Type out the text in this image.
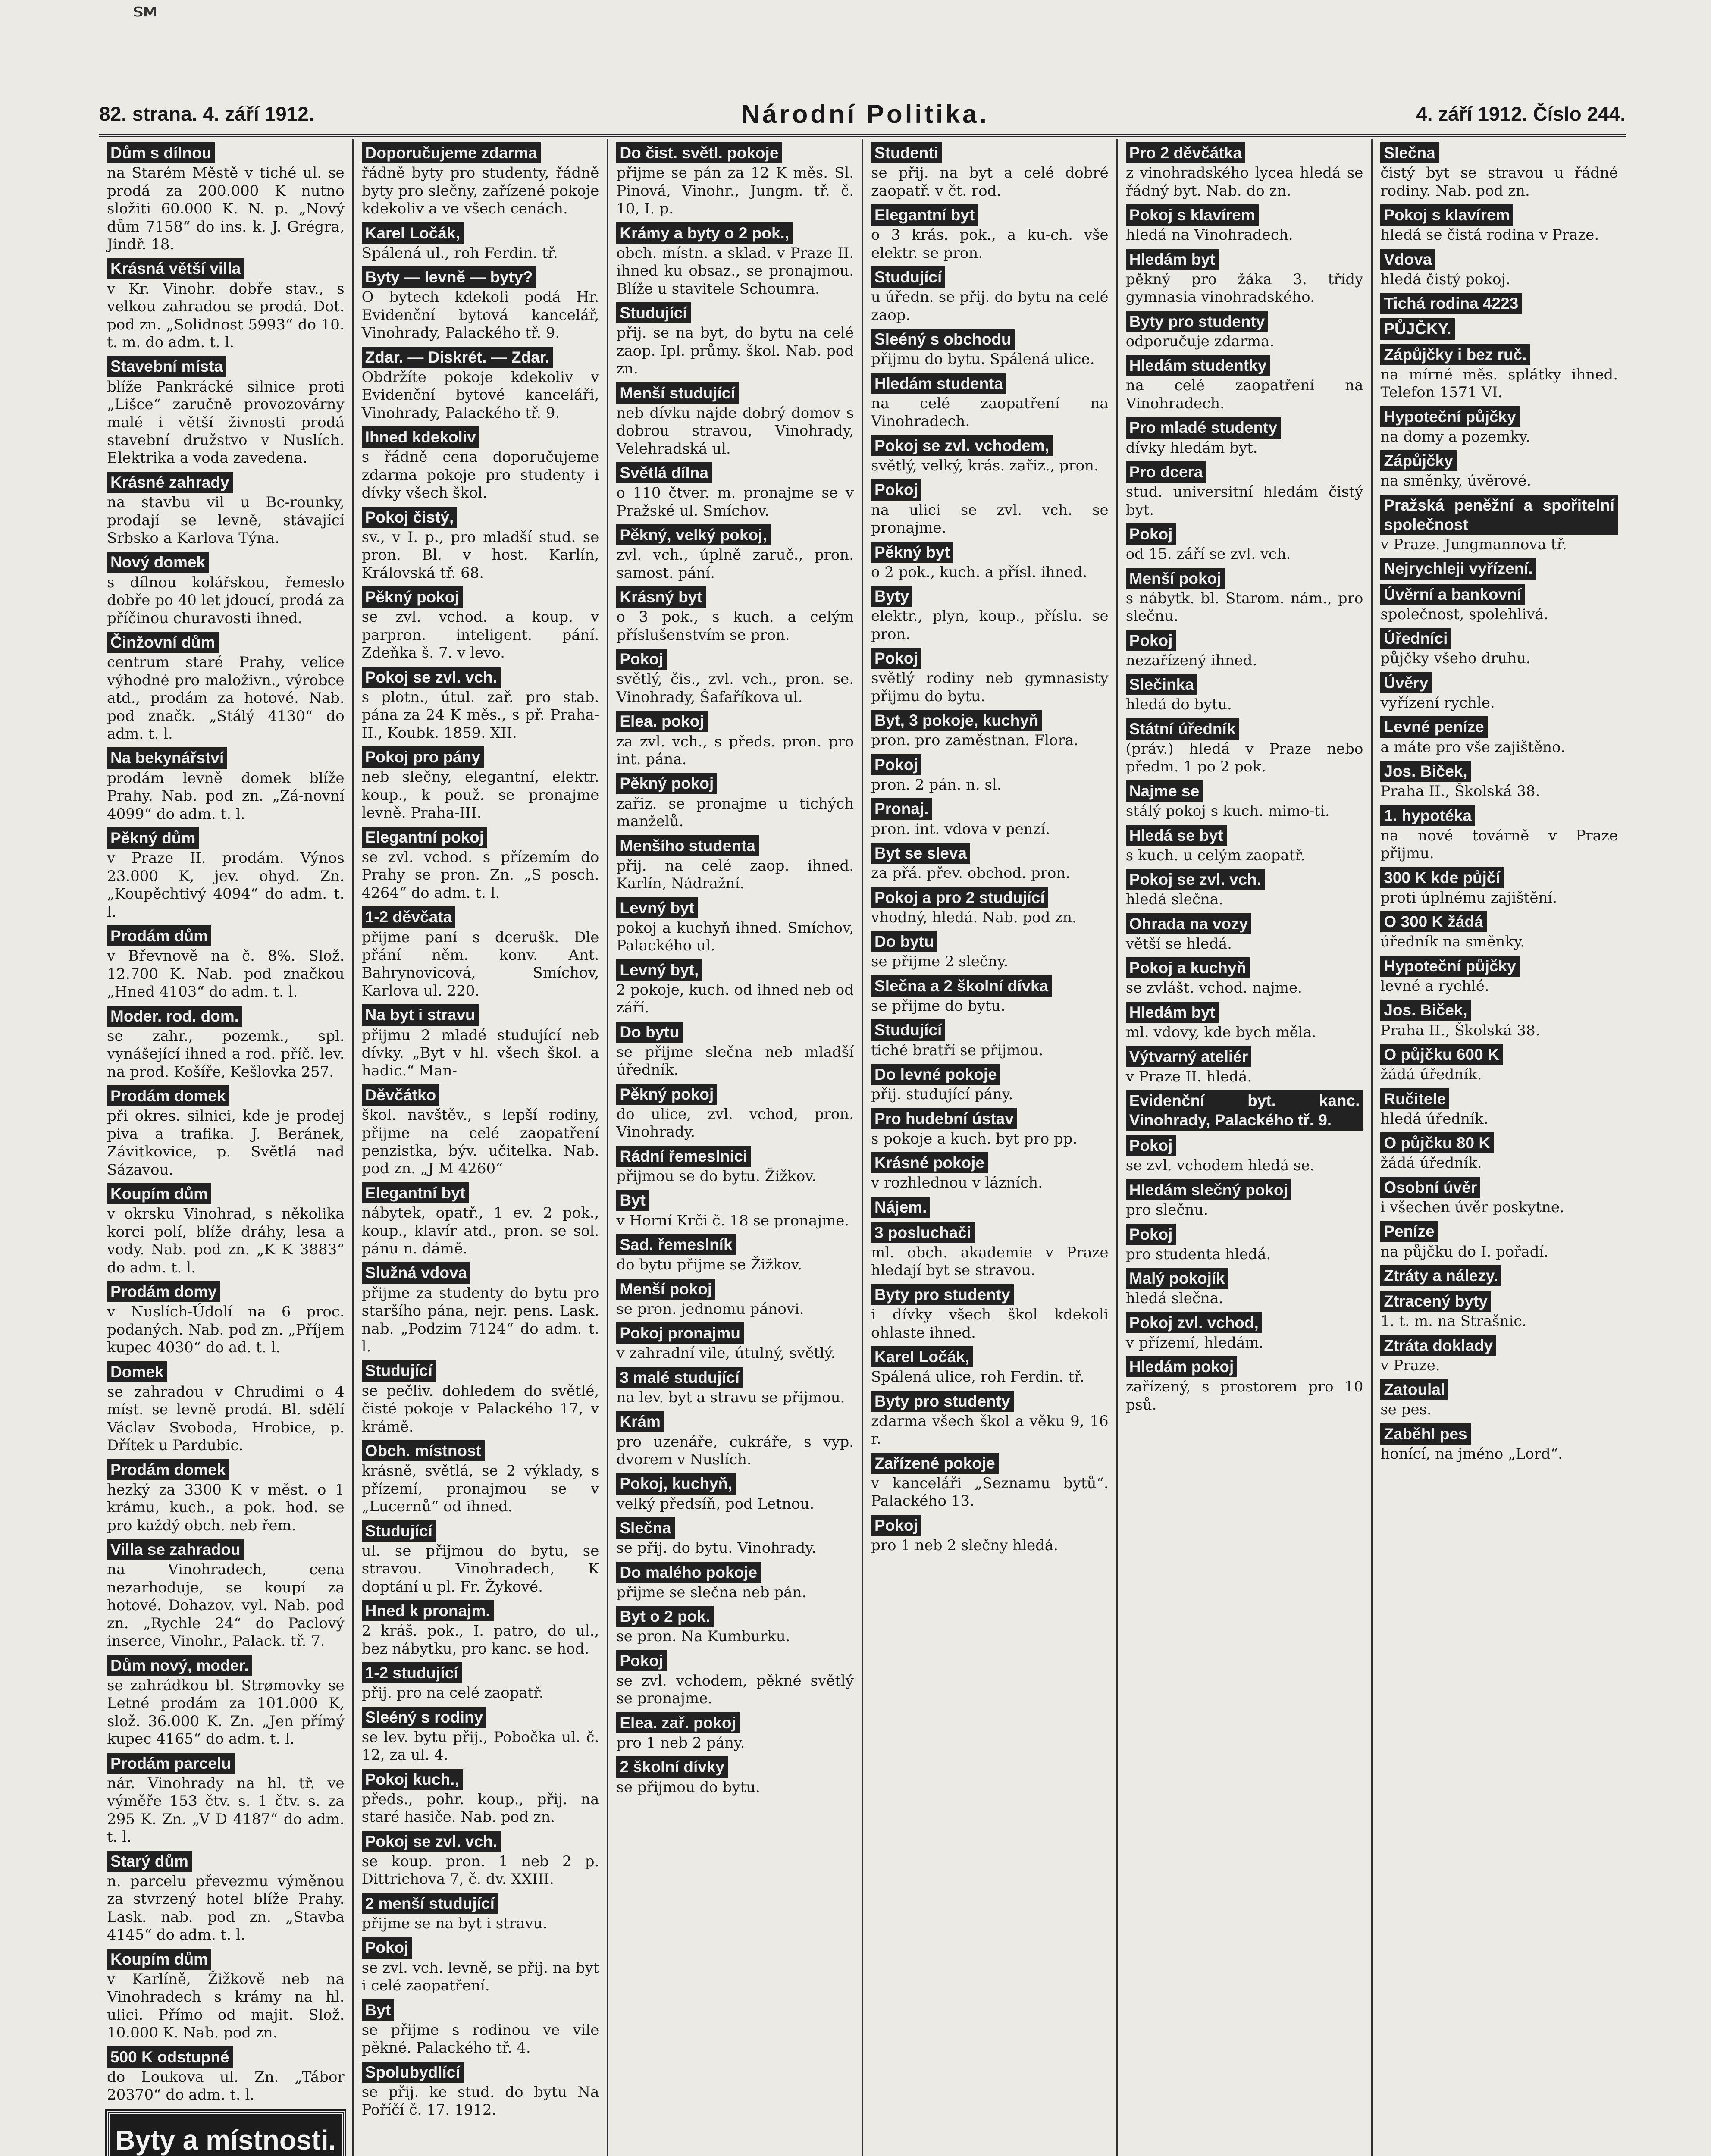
℠
82. strana. 4. září 1912.	Národní Politika.	4. září 1912. Číslo 244.
Dům s dílnou

na Starém Městě v tiché ul. se prodá za 200.000 K nutno složiti 60.000 K. N. p. „Nový dům 7158“ do ins. k. J. Grégra, Jindř. 18.

Krásná větší villa

v Kr. Vinohr. dobře stav., s velkou zahradou se prodá. Dot. pod zn. „Solidnost 5993“ do 10. t. m. do adm. t. l.

Stavební místa

blíže Pankrácké silnice proti „Lišce“ zaručně provozovárny malé i větší živnosti prodá stavební družstvo v Nuslích. Elektrika a voda zavedena.

Krásné zahrady

na stavbu vil u Bc-rounky, prodají se levně, stávající Srbsko a Karlova Týna.

Nový domek

s dílnou kolářskou, řemeslo dobře po 40 let jdoucí, prodá za příčinou churavosti ihned.

Činžovní dům

centrum staré Prahy, velice výhodné pro maloživn., výrobce atd., prodám za hotové. Nab. pod značk. „Stálý 4130“ do adm. t. l.

Na bekynářství

prodám levně domek blíže Prahy. Nab. pod zn. „Zá-novní 4099“ do adm. t. l.

Pěkný dům

v Praze II. prodám. Výnos 23.000 K, jev. ohyd. Zn. „Koupěchtivý 4094“ do adm. t. l.

Prodám dům

v Břevnově na č. 8%. Slož. 12.700 K. Nab. pod značkou „Hned 4103“ do adm. t. l.

Moder. rod. dom.

se zahr., pozemk., spl. vynášející ihned a rod. příč. lev. na prod. Košíře, Kešlovka 257.

Prodám domek

při okres. silnici, kde je prodej piva a trafika. J. Beránek, Závitkovice, p. Světlá nad Sázavou.

Koupím dům

v okrsku Vinohrad, s několika korci polí, blíže dráhy, lesa a vody. Nab. pod zn. „K K 3883“ do adm. t. l.

Prodám domy

v Nuslích-Údolí na 6 proc. podaných. Nab. pod zn. „Příjem kupec 4030“ do ad. t. l.

Domek

se zahradou v Chrudimi o 4 míst. se levně prodá. Bl. sdělí Václav Svoboda, Hrobice, p. Dřítek u Pardubic.

Prodám domek

hezký za 3300 K v měst. o 1 krámu, kuch., a pok. hod. se pro každý obch. neb řem.

Villa se zahradou

na Vinohradech, cena nezarhoduje, se koupí za hotové. Dohazov. vyl. Nab. pod zn. „Rychle 24“ do Paclový inserce, Vinohr., Palack. tř. 7.

Dům nový, moder.

se zahrádkou bl. Strømovky se Letné prodám za 101.000 K, slož. 36.000 K. Zn. „Jen přímý kupec 4165“ do adm. t. l.

Prodám parcelu

nár. Vinohrady na hl. tř. ve výměře 153 čtv. s. 1 čtv. s. za 295 K. Zn. „V D 4187“ do adm. t. l.

Starý dům

n. parcelu převezmu výměnou za stvrzený hotel blíže Prahy. Lask. nab. pod zn. „Stavba 4145“ do adm. t. l.

Koupím dům

v Karlíně, Žižkově neb na Vinohradech s krámy na hl. ulici. Přímo od majit. Slož. 10.000 K. Nab. pod zn.

500 K odstupné

do Loukova ul. Zn. „Tábor 20370“ do adm. t. l.

Byty a místnosti.

Doporučujeme zdarma

řádně byty pro studenty, řádně byty pro slečny, zařízené pokoje kdekoliv a ve všech cenách.

Karel Ločák,

Spálená ul., roh Ferdin. tř.

Byty — levně — byty?

O bytech kdekoli podá Hr. Evidenční bytová kancelář, Vinohrady, Palackého tř. 9.

Zdar. — Diskrét. — Zdar.

Obdržíte pokoje kdekoliv v Evidenční bytové kanceláři, Vinohrady, Palackého tř. 9.

Ihned kdekoliv

s řádně cena doporučujeme zdarma pokoje pro studenty i dívky všech škol.

Pokoj čistý,

sv., v I. p., pro mladší stud. se pron. Bl. v host. Karlín, Královská tř. 68.

Pěkný pokoj

se zvl. vchod. a koup. v parpron. inteligent. pání. Zdeňka š. 7. v levo.

Pokoj se zvl. vch.

s plotn., útul. zař. pro stab. pána za 24 K měs., s př. Praha-II., Koubk. 1859. XII.

Pokoj pro pány

neb slečny, elegantní, elektr. koup., k použ. se pronajme levně. Praha-III.

Elegantní pokoj

se zvl. vchod. s přízemím do Prahy se pron. Zn. „S posch. 4264“ do adm. t. l.

1-2 děvčata

přijme paní s dcerušk. Dle přání něm. konv. Ant. Bahrynovicová, Smíchov, Karlova ul. 220.

Na byt i stravu

přijmu 2 mladé studující neb dívky. „Byt v hl. všech škol. a hadic.“ Man-

Děvčátko

škol. navštěv., s lepší rodiny, přijme na celé zaopatření penzistka, býv. učitelka. Nab. pod zn. „J M 4260“

Elegantní byt

nábytek, opatř., 1 ev. 2 pok., koup., klavír atd., pron. se sol. pánu n. dámě.

Služná vdova

přijme za studenty do bytu pro staršího pána, nejr. pens. Lask. nab. „Podzim 7124“ do adm. t. l.

Studující

se pečliv. dohledem do světlé, čisté pokoje v Palackého 17, v krámě.

Obch. místnost

krásně, světlá, se 2 výklady, s přízemí, pronajmou se v „Lucernů“ od ihned.

Studující

ul. se přijmou do bytu, se stravou. Vinohradech, K doptání u pl. Fr. Žykové.

Hned k pronajm.

2 kráš. pok., I. patro, do ul., bez nábytku, pro kanc. se hod.

1-2 studující

přij. pro na celé zaopatř.

Sleéný s rodiny

se lev. bytu přij., Pobočka ul. č. 12, za ul. 4.

Pokoj kuch.,

předs., pohr. koup., přij. na staré hasiče. Nab. pod zn.

Pokoj se zvl. vch.

se koup. pron. 1 neb 2 p. Dittrichova 7, č. dv. XXIII.

2 menší studující

přijme se na byt i stravu.

Pokoj

se zvl. vch. levně, se přij. na byt i celé zaopatření.

Byt

se přijme s rodinou ve vile pěkné. Palackého tř. 4.

Spolubydlící

se přij. ke stud. do bytu Na Poříčí č. 17. 1912.

Do čist. světl. pokoje

přijme se pán za 12 K měs. Sl. Pinová, Vinohr., Jungm. tř. č. 10, I. p.

Krámy a byty o 2 pok.,

obch. místn. a sklad. v Praze II. ihned ku obsaz., se pronajmou. Blíže u stavitele Schoumra.

Studující

přij. se na byt, do bytu na celé zaop. Ipl. průmy. škol. Nab. pod zn.

Menší studující

neb dívku najde dobrý domov s dobrou stravou, Vinohrady, Velehradská ul.

Světlá dílna

o 110 čtver. m. pronajme se v Pražské ul. Smíchov.

Pěkný, velký pokoj,

zvl. vch., úplně zaruč., pron. samost. pání.

Krásný byt

o 3 pok., s kuch. a celým příslušenstvím se pron.

Pokoj

světlý, čis., zvl. vch., pron. se. Vinohrady, Šafaříkova ul.

Elea. pokoj

za zvl. vch., s předs. pron. pro int. pána.

Pěkný pokoj

zařiz. se pronajme u tichých manželů.

Menšího studenta

přij. na celé zaop. ihned. Karlín, Nádražní.

Levný byt

pokoj a kuchyň ihned. Smíchov, Palackého ul.

Levný byt,

2 pokoje, kuch. od ihned neb od září.

Do bytu

se přijme slečna neb mladší úředník.

Pěkný pokoj

do ulice, zvl. vchod, pron. Vinohrady.

Rádní řemeslnici

přijmou se do bytu. Žižkov.

Byt

v Horní Krči č. 18 se pronajme.

Sad. řemeslník

do bytu přijme se Žižkov.

Menší pokoj

se pron. jednomu pánovi.

Pokoj pronajmu

v zahradní vile, útulný, světlý.

3 malé studující

na lev. byt a stravu se přijmou.

Krám

pro uzenáře, cukráře, s vyp. dvorem v Nuslích.

Pokoj, kuchyň,

velký předsíň, pod Letnou.

Slečna

se přij. do bytu. Vinohrady.

Do malého pokoje

přijme se slečna neb pán.

Byt o 2 pok.

se pron. Na Kumburku.

Pokoj

se zvl. vchodem, pěkné světlý se pronajme.

Elea. zař. pokoj

pro 1 neb 2 pány.

2 školní dívky

se přijmou do bytu.

Studenti

se přij. na byt a celé dobré zaopatř. v čt. rod.

Elegantní byt

o 3 krás. pok., a ku-ch. vše elektr. se pron.

Studující

u úředn. se přij. do bytu na celé zaop.

Sleéný s obchodu

přijmu do bytu. Spálená ulice.

Hledám studenta

na celé zaopatření na Vinohradech.

Pokoj se zvl. vchodem,

světlý, velký, krás. zařiz., pron.

Pokoj

na ulici se zvl. vch. se pronajme.

Pěkný byt

o 2 pok., kuch. a přísl. ihned.

Byty

elektr., plyn, koup., příslu. se pron.

Pokoj

světlý rodiny neb gymnasisty přijmu do bytu.

Byt, 3 pokoje, kuchyň

pron. pro zaměstnan. Flora.

Pokoj

pron. 2 pán. n. sl.

Pronaj.

pron. int. vdova v penzí.

Byt se sleva

za přá. přev. obchod. pron.

Pokoj a pro 2 studující

vhodný, hledá. Nab. pod zn.

Do bytu

se přijme 2 slečny.

Slečna a 2 školní dívka

se přijme do bytu.

Studující

tiché bratří se přijmou.

Do levné pokoje

přij. studující pány.

Pro hudební ústav

s pokoje a kuch. byt pro pp.

Krásné pokoje

v rozhlednou v lázních.

Nájem.
3 posluchači

ml. obch. akademie v Praze hledají byt se stravou.

Byty pro studenty

i dívky všech škol kdekoli ohlaste ihned.

Karel Ločák,

Spálená ulice, roh Ferdin. tř.

Byty pro studenty

zdarma všech škol a věku 9, 16 r.

Zařízené pokoje

v kanceláři „Seznamu bytů“. Palackého 13.

Pokoj

pro 1 neb 2 slečny hledá.

Pro 2 děvčátka

z vinohradského lycea hledá se řádný byt. Nab. do zn.

Pokoj s klavírem

hledá na Vinohradech.

Hledám byt

pěkný pro žáka 3. třídy gymnasia vinohradského.

Byty pro studenty

odporučuje zdarma.

Hledám studentky

na celé zaopatření na Vinohradech.

Pro mladé studenty

dívky hledám byt.

Pro dcera

stud. universitní hledám čistý byt.

Pokoj

od 15. září se zvl. vch.

Menší pokoj

s nábytk. bl. Starom. nám., pro slečnu.

Pokoj

nezařízený ihned.

Slečinka

hledá do bytu.

Státní úředník

(práv.) hledá v Praze nebo předm. 1 po 2 pok.

Najme se

stálý pokoj s kuch. mimo-ti.

Hledá se byt

s kuch. u celým zaopatř.

Pokoj se zvl. vch.

hledá slečna.

Ohrada na vozy

větší se hledá.

Pokoj a kuchyň

se zvlášt. vchod. najme.

Hledám byt

ml. vdovy, kde bych měla.

Výtvarný ateliér

v Praze II. hledá.

Evidenční byt. kanc. Vinohrady, Palackého tř. 9.
Pokoj

se zvl. vchodem hledá se.

Hledám slečný pokoj

pro slečnu.

Pokoj

pro studenta hledá.

Malý pokojík

hledá slečna.

Pokoj zvl. vchod,

v přízemí, hledám.

Hledám pokoj

zařízený, s prostorem pro 10 psů.

Slečna

čistý byt se stravou u řádné rodiny. Nab. pod zn.

Pokoj s klavírem

hledá se čistá rodina v Praze.

Vdova

hledá čistý pokoj.

Tichá rodina 4223
PŮJČKY.
Zápůjčky i bez ruč.

na mírné měs. splátky ihned. Telefon 1571 VI.

Hypoteční půjčky

na domy a pozemky.

Zápůjčky

na směnky, úvěrové.

Pražská peněžní a spořitelní společnost

v Praze. Jungmannova tř.

Nejrychleji vyřízení.
Úvěrní a bankovní

společnost, spolehlivá.

Úředníci

půjčky všeho druhu.

Úvěry

vyřízení rychle.

Levné peníze

a máte pro vše zajištěno.

Jos. Biček,

Praha II., Školská 38.

1. hypotéka

na nové továrně v Praze přijmu.

300 K kde půjčí

proti úplnému zajištění.

O 300 K žádá

úředník na směnky.

Hypoteční půjčky

levné a rychlé.

Jos. Biček,

Praha II., Školská 38.

O půjčku 600 K

žádá úředník.

Ručitele

hledá úředník.

O půjčku 80 K

žádá úředník.

Osobní úvěr

i všechen úvěr poskytne.

Peníze

na půjčku do I. pořadí.

Ztráty a nálezy.
Ztracený byty

1. t. m. na Strašnic.

Ztráta doklady

v Praze.

Zatoulal

se pes.

Zaběhl pes

honící, na jméno „Lord“.
